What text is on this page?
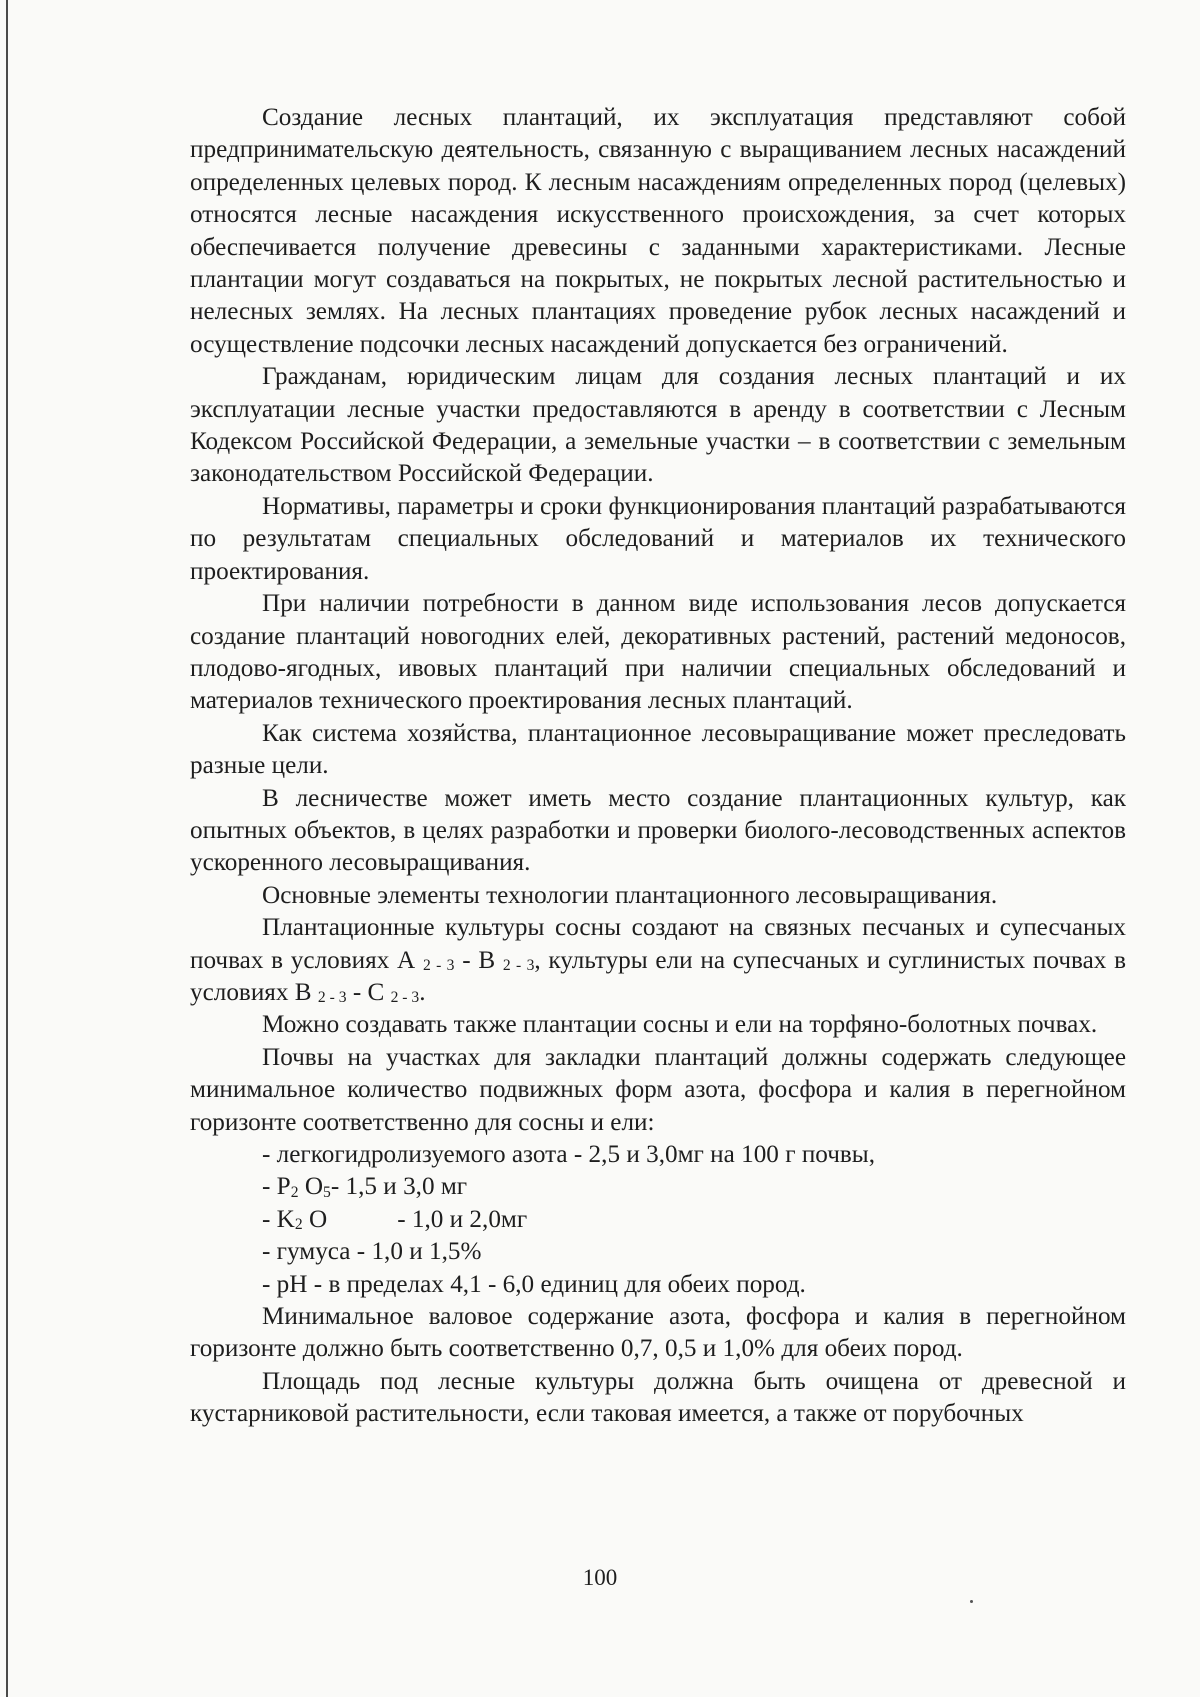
Создание лесных плантаций, их эксплуатация представляют собой предпринимательскую деятельность, связанную с выращиванием лесных насаждений определенных целевых пород. К лесным насаждениям определенных пород (целевых) относятся лесные насаждения искусственного происхождения, за счет которых обеспечивается получение древесины с заданными характеристиками. Лесные плантации могут создаваться на покрытых, не покрытых лесной растительностью и нелесных землях. На лесных плантациях проведение рубок лесных насаждений и осуществление подсочки лесных насаждений допускается без ограничений.

Гражданам, юридическим лицам для создания лесных плантаций и их эксплуатации лесные участки предоставляются в аренду в соответствии с Лесным Кодексом Российской Федерации, а земельные участки – в соответствии с земельным законодательством Российской Федерации.

Нормативы, параметры и сроки функционирования плантаций разрабатываются по результатам специальных обследований и материалов их технического проектирования.

При наличии потребности в данном виде использования лесов допускается создание плантаций новогодних елей, декоративных растений, растений медоносов, плодово-ягодных, ивовых плантаций при наличии специальных обследований и материалов технического проектирования лесных плантаций.

Как система хозяйства, плантационное лесовыращивание может преследовать разные цели.

В лесничестве может иметь место создание плантационных культур, как опытных объектов, в целях разработки и проверки биолого-лесоводственных аспектов ускоренного лесовыращивания.

Основные элементы технологии плантационного лесовыращивания.

Плантационные культуры сосны создают на связных песчаных и супесчаных почвах в условиях А $_{2 - 3}$ - В $_{2 - 3}$, культуры ели на супесчаных и суглинистых почвах в условиях В $_{2 - 3}$ - С $_{2 - 3}$.

Можно создавать также плантации сосны и ели на торфяно-болотных почвах.

Почвы на участках для закладки плантаций должны содержать следующее минимальное количество подвижных форм азота, фосфора и калия в перегнойном горизонте соответственно для сосны и ели:

- легкогидролизуемого азота - 2,5 и 3,0мг на 100 г почвы,
- $P_2$ $O_5-$ 1,5 и 3,0 мг
- $K_2$ O	- 1,0 и 2,0мг
- гумуса - 1,0 и 1,5%
- pH - в пределах 4,1 - 6,0 единиц для обеих пород.

Минимальное валовое содержание азота, фосфора и калия в перегнойном горизонте должно быть соответственно 0,7, 0,5 и 1,0% для обеих пород.

Площадь под лесные культуры должна быть очищена от древесной и кустарниковой растительности, если таковая имеется, а также от порубочных

100
